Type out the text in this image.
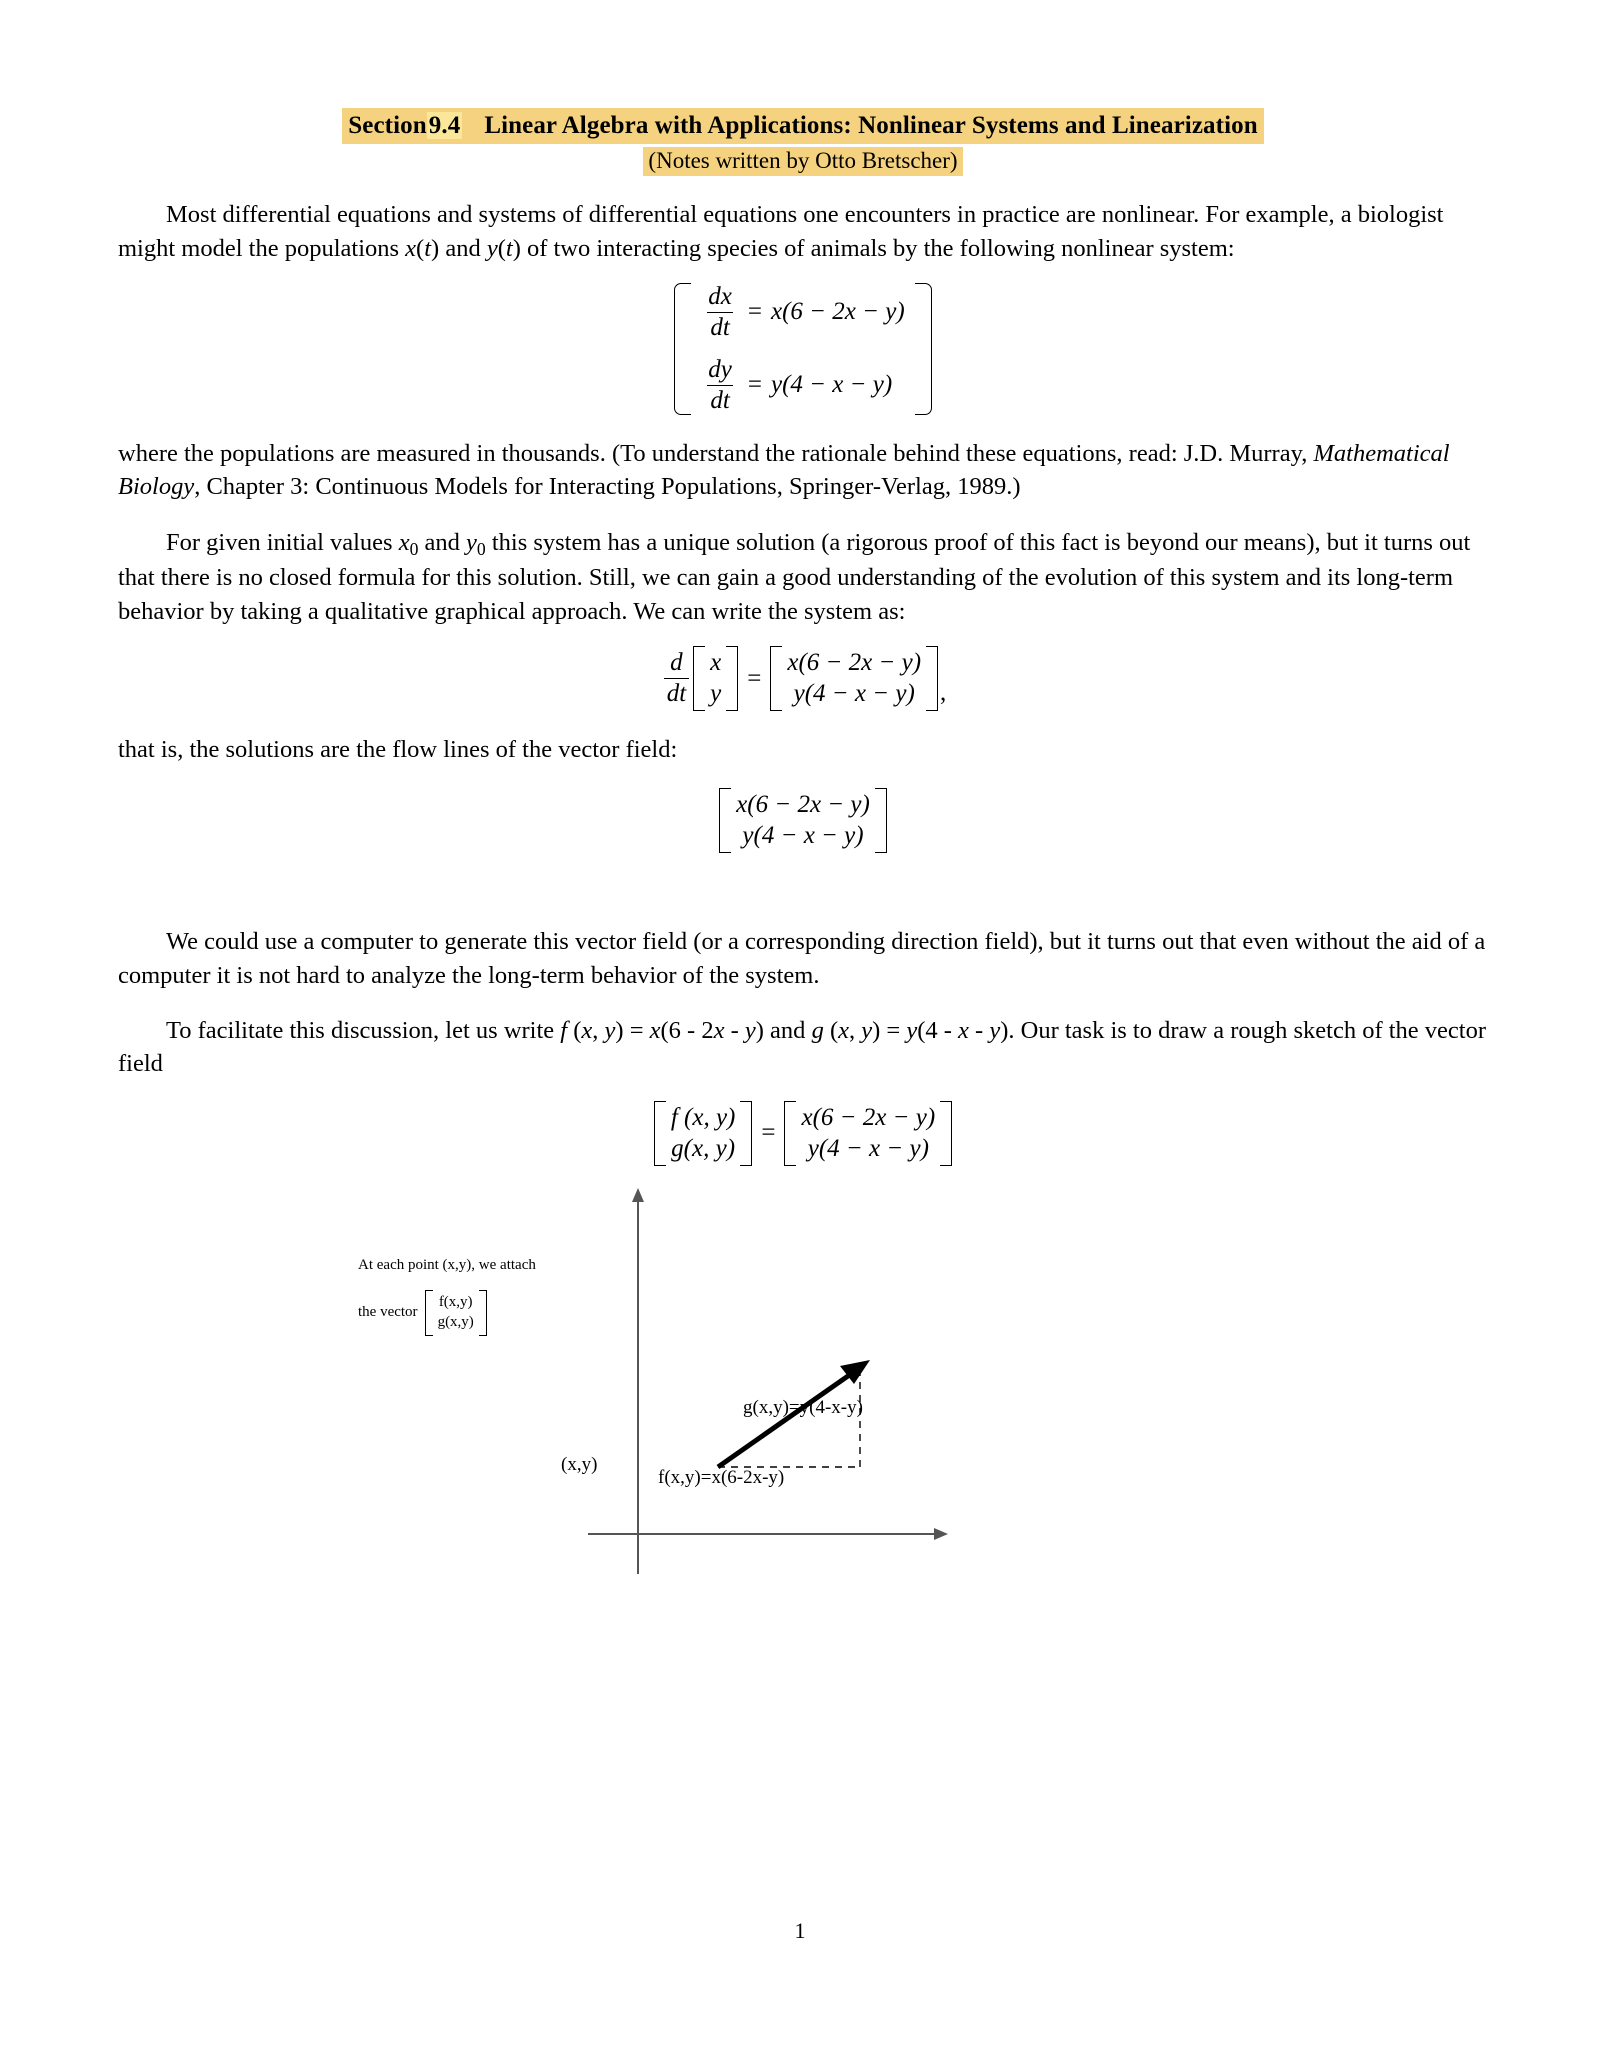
Section9.4 Linear Algebra with Applications: Nonlinear Systems and Linearization
(Notes written by Otto Bretscher)

Most differential equations and systems of differential equations one encounters in practice are nonlinear. For example, a biologist might model the populations x(t) and y(t) of two interacting species of animals by the following nonlinear system:

$\frac{dx}{dt} = x(6 - 2x - y)$
$\frac{dy}{dt} = y(4 - x - y)$

where the populations are measured in thousands. (To understand the rationale behind these equations, read: J.D. Murray, Mathematical Biology, Chapter 3: Continuous Models for Interacting Populations, Springer-Verlag, 1989.)

For given initial values $x_0$ and $y_0$ this system has a unique solution (a rigorous proof of this fact is beyond our means), but it turns out that there is no closed formula for this solution. Still, we can gain a good understanding of the evolution of this system and its long-term behavior by taking a qualitative graphical approach. We can write the system as:

$\frac{d}{dt}$ x
y
=
x(6 − 2x − y)
y(4 − x − y) ,

that is, the solutions are the flow lines of the vector field:

x(6 − 2x − y)
y(4 − x − y)

We could use a computer to generate this vector field (or a corresponding direction field), but it turns out that even without the aid of a computer it is not hard to analyze the long-term behavior of the system.

To facilitate this discussion, let us write f (x, y) = x(6 - 2x - y) and g (x, y) = y(4 - x - y). Our task is to draw a rough sketch of the vector field

f (x, y)
g(x, y)
=
x(6 − 2x − y)
y(4 − x − y)
At each point (x,y), we attach
the vector
f(x,y)
g(x,y)
(x,y)
f(x,y)=x(6-2x-y)
g(x,y)=y(4-x-y)
1
